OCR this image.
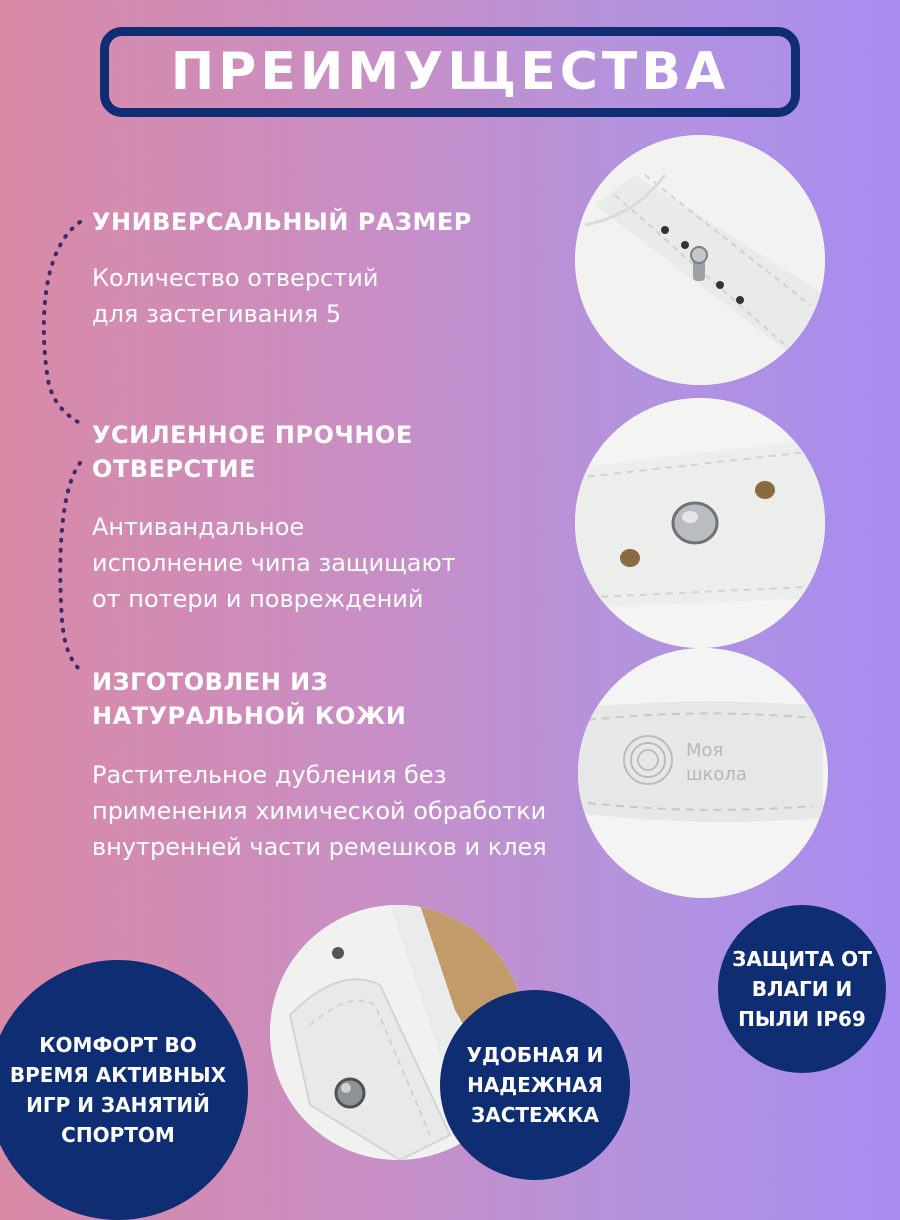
ПРЕИМУЩЕСТВА
УНИВЕРСАЛЬНЫЙ РАЗМЕР
Количество отверстий
для застегивания 5
УСИЛЕННОЕ ПРОЧНОЕ
ОТВЕРСТИЕ
Антивандальное
исполнение чипа защищают
от потери и повреждений
ИЗГОТОВЛЕН ИЗ
НАТУРАЛЬНОЙ КОЖИ
Растительное дубления без
применения химической обработки
внутренней части ремешков и клея
Моя
школа
КОМФОРТ ВО
ВРЕМЯ АКТИВНЫХ
ИГР И ЗАНЯТИЙ
СПОРТОМ
УДОБНАЯ И
НАДЕЖНАЯ
ЗАСТЕЖКА
ЗАЩИТА ОТ
ВЛАГИ И
ПЫЛИ IP69
